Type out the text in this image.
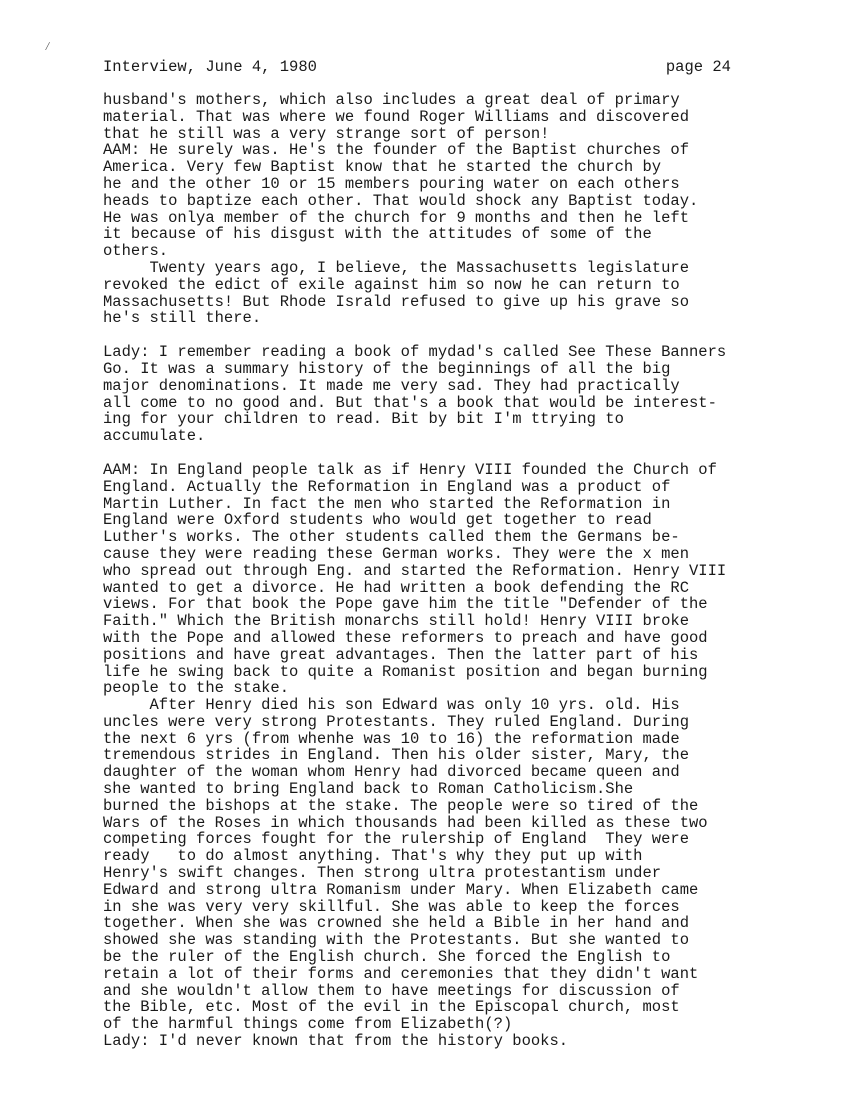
∕
Interview, June 4, 1980	page 24
husband's mothers, which also includes a great deal of primary
material. That was where we found Roger Williams and discovered
that he still was a very strange sort of person!
AAM: He surely was. He's the founder of the Baptist churches of
America. Very few Baptist know that he started the church by
he and the other 10 or 15 members pouring water on each others
heads to baptize each other. That would shock any Baptist today.
He was onlya member of the church for 9 months and then he left
it because of his disgust with the attitudes of some of the
others.
Twenty years ago, I believe, the Massachusetts legislature
revoked the edict of exile against him so now he can return to
Massachusetts! But Rhode Israld refused to give up his grave so
he's still there.
Lady: I remember reading a book of mydad's called See These Banners
Go. It was a summary history of the beginnings of all the big
major denominations. It made me very sad. They had practically
all come to no good and. But that's a book that would be interest-
ing for your children to read. Bit by bit I'm ttrying to
accumulate.
AAM: In England people talk as if Henry VIII founded the Church of
England. Actually the Reformation in England was a product of
Martin Luther. In fact the men who started the Reformation in
England were Oxford students who would get together to read
Luther's works. The other students called them the Germans be-
cause they were reading these German works. They were the x men
who spread out through Eng. and started the Reformation. Henry VIII
wanted to get a divorce. He had written a book defending the RC
views. For that book the Pope gave him the title "Defender of the
Faith." Which the British monarchs still hold! Henry VIII broke
with the Pope and allowed these reformers to preach and have good
positions and have great advantages. Then the latter part of his
life he swing back to quite a Romanist position and began burning
people to the stake.
After Henry died his son Edward was only 10 yrs. old. His
uncles were very strong Protestants. They ruled England. During
the next 6 yrs (from whenhe was 10 to 16) the reformation made
tremendous strides in England. Then his older sister, Mary, the
daughter of the woman whom Henry had divorced became queen and
she wanted to bring England back to Roman Catholicism.She
burned the bishops at the stake. The people were so tired of the
Wars of the Roses in which thousands had been killed as these two
competing forces fought for the rulership of England  They were
ready   to do almost anything. That's why they put up with
Henry's swift changes. Then strong ultra protestantism under
Edward and strong ultra Romanism under Mary. When Elizabeth came
in she was very very skillful. She was able to keep the forces
together. When she was crowned she held a Bible in her hand and
showed she was standing with the Protestants. But she wanted to
be the ruler of the English church. She forced the English to
retain a lot of their forms and ceremonies that they didn't want
and she wouldn't allow them to have meetings for discussion of
the Bible, etc. Most of the evil in the Episcopal church, most
of the harmful things come from Elizabeth(?)
Lady: I'd never known that from the history books.
